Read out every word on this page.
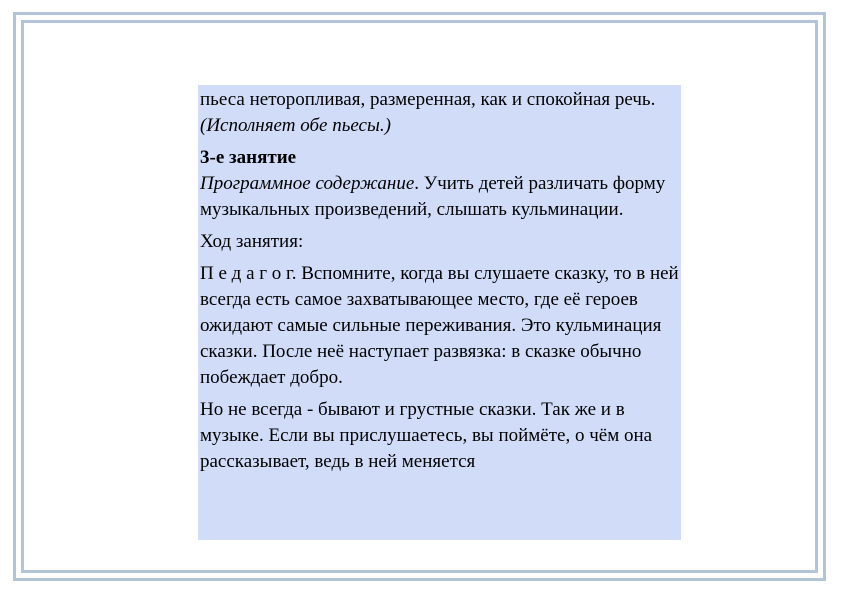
пьеса неторопливая, размеренная, как и спокойная речь. (Исполняет обе пьесы.)

3-е занятие

Программное содержание. Учить детей различать форму музыкальных произведений, слышать кульминации.

Ход занятия:

П е д а г о г. Вспомните, когда вы слушаете сказку, то в ней всегда есть самое захватывающее место, где её героев ожидают самые сильные переживания. Это кульминация сказки. После неё наступает развязка: в сказке обычно побеждает добро.

Но не всегда - бывают и грустные сказки. Так же и в музыке. Если вы прислушаетесь, вы поймёте, о чём она рассказывает, ведь в ней меняется
